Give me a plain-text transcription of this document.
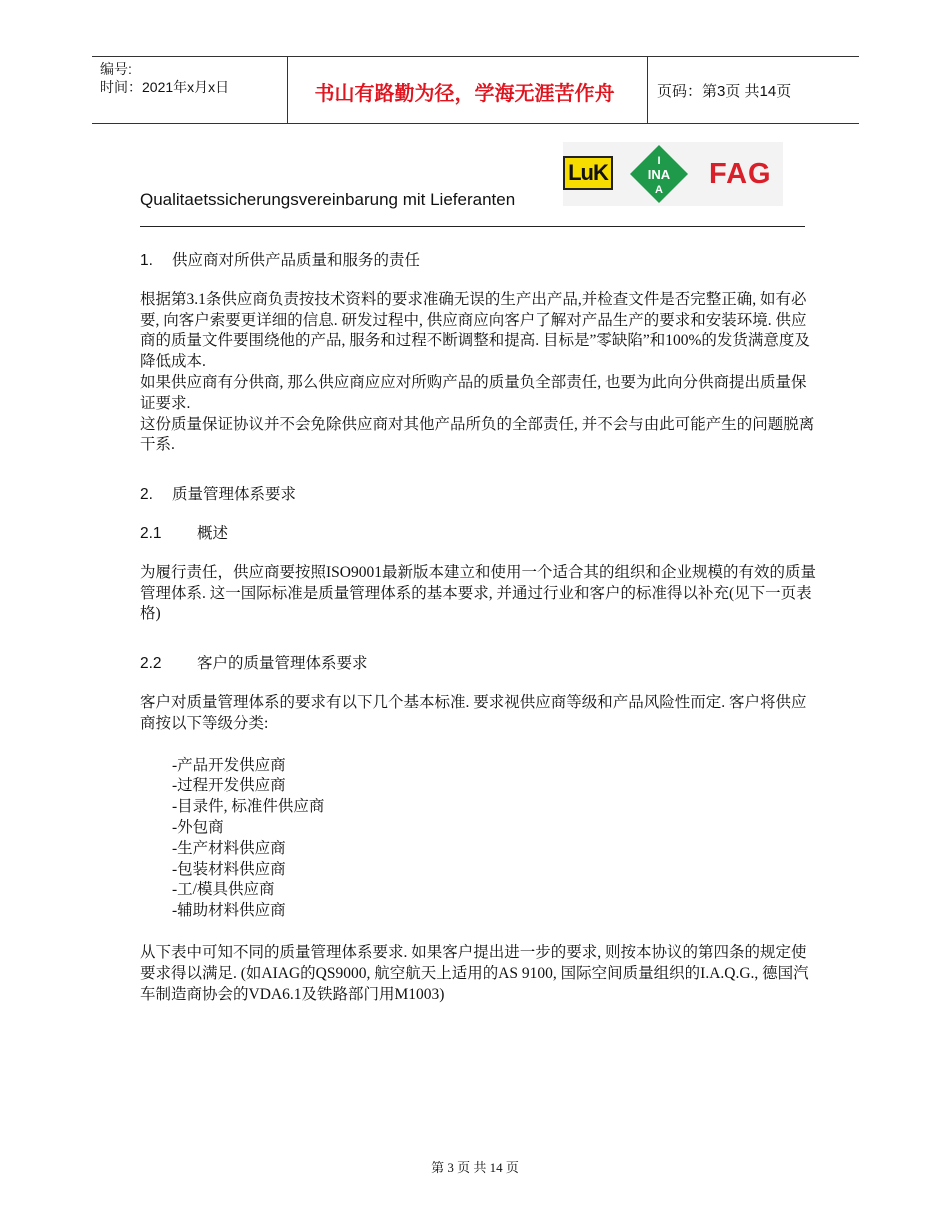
编号:
时间：2021年x月x日	书山有路勤为径，学海无涯苦作舟	页码：第3页 共14页
LuK	I
INA
A FAG
Qualitaetssicherungsvereinbarung mit Lieferanten
1. 供应商对所供产品质量和服务的责任
根据第3.1条供应商负责按技术资料的要求准确无误的生产出产品,并检查文件是否完整正确, 如有必要, 向客户索要更详细的信息. 研发过程中, 供应商应向客户了解对产品生产的要求和安装环境. 供应商的质量文件要围绕他的产品, 服务和过程不断调整和提高. 目标是”零缺陷”和100%的发货满意度及降低成本.
如果供应商有分供商, 那么供应商应应对所购产品的质量负全部责任, 也要为此向分供商提出质量保证要求.
这份质量保证协议并不会免除供应商对其他产品所负的全部责任, 并不会与由此可能产生的问题脱离干系.
2. 质量管理体系要求
2.1 概述
为履行责任，供应商要按照ISO9001最新版本建立和使用一个适合其的组织和企业规模的有效的质量管理体系. 这一国际标准是质量管理体系的基本要求, 并通过行业和客户的标准得以补充(见下一页表格)
2.2 客户的质量管理体系要求
客户对质量管理体系的要求有以下几个基本标准. 要求视供应商等级和产品风险性而定. 客户将供应商按以下等级分类:
-产品开发供应商
-过程开发供应商
-目录件, 标准件供应商
-外包商
-生产材料供应商
-包装材料供应商
-工/模具供应商
-辅助材料供应商
从下表中可知不同的质量管理体系要求. 如果客户提出进一步的要求, 则按本协议的第四条的规定使要求得以满足. (如AIAG的QS9000, 航空航天上适用的AS 9100, 国际空间质量组织的I.A.Q.G., 德国汽车制造商协会的VDA6.1及铁路部门用M1003)
第 3 页 共 14 页
